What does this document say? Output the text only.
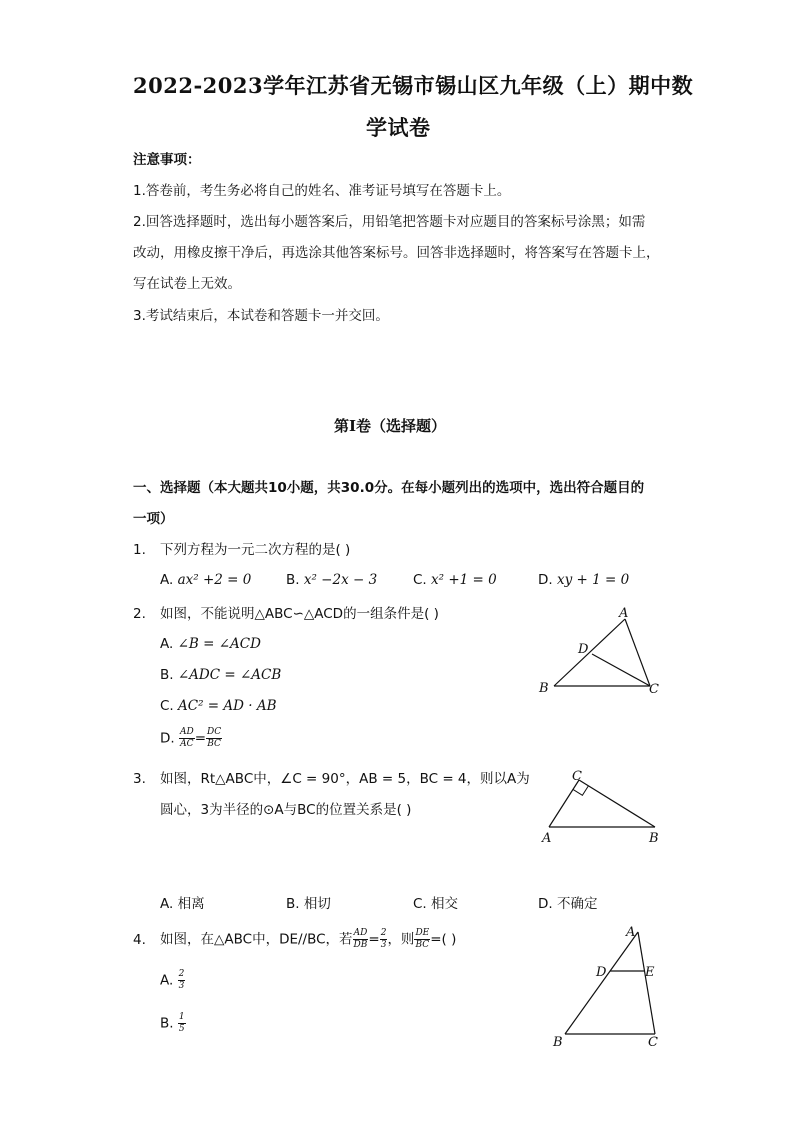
2022-2023学年江苏省无锡市锡山区九年级（上）期中数
学试卷
注意事项：
1.答卷前，考生务必将自己的姓名、准考证号填写在答题卡上。
2.回答选择题时，选出每小题答案后，用铅笔把答题卡对应题目的答案标号涂黑；如需
改动，用橡皮擦干净后，再选涂其他答案标号。回答非选择题时，将答案写在答题卡上，
写在试卷上无效。
3.考试结束后，本试卷和答题卡一并交回。
第I卷（选择题）
一、选择题（本大题共10小题，共30.0分。在每小题列出的选项中，选出符合题目的
一项）
1. 下列方程为一元二次方程的是( )
A. ax² +2 = 0	B. x² −2x − 3	C. x² +1 = 0	D. xy + 1 = 0
2. 如图，不能说明△ABC∽△ACD的一组条件是( )
A. ∠B = ∠ACD
B. ∠ADC = ∠ACB
C. AC² = AD · AB
D. $\frac{AD}{AC} = \frac{DC}{BC}$
A
D
B	C
3. 如图，Rt△ABC中，∠C = 90°，AB = 5，BC = 4，则以A为
圆心，3为半径的⊙A与BC的位置关系是( )
C
A	B
A. 相离	B. 相切	C. 相交	D. 不确定
4. 如图，在△ABC中，DE//BC，若 $\frac{AD}{DB} = \frac{2}{3}$ ，则 $\frac{DE}{BC}$ =( )
A. $\frac{2}{3}$
B. $\frac{1}{5}$
A
D	E
B	C
